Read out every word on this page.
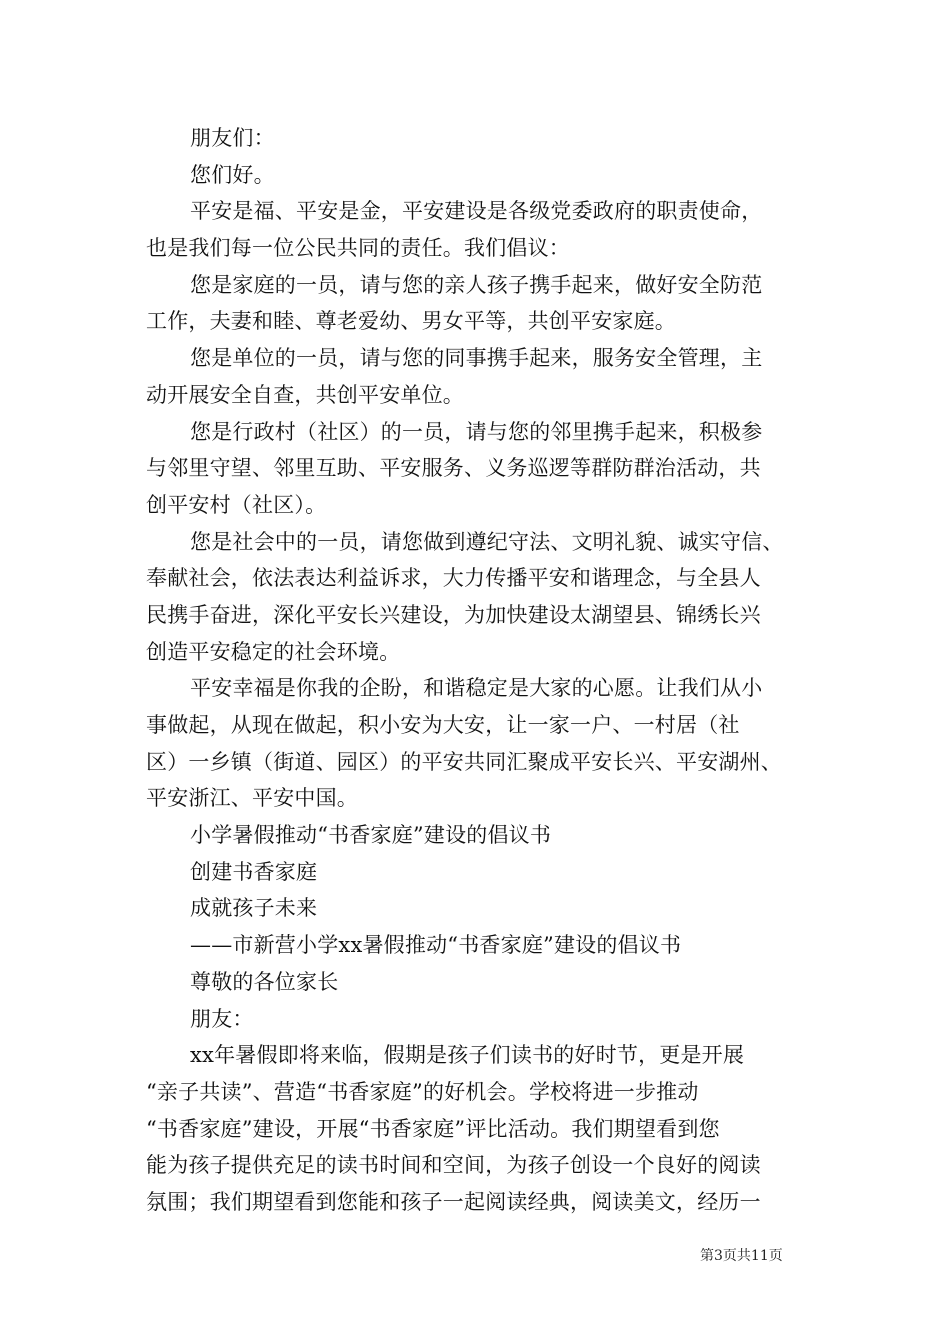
朋友们：
您们好。
平安是福、平安是金，平安建设是各级党委政府的职责使命，
也是我们每一位公民共同的责任。我们倡议：
您是家庭的一员，请与您的亲人孩子携手起来，做好安全防范
工作，夫妻和睦、尊老爱幼、男女平等，共创平安家庭。
您是单位的一员，请与您的同事携手起来，服务安全管理，主
动开展安全自查，共创平安单位。
您是行政村（社区）的一员，请与您的邻里携手起来，积极参
与邻里守望、邻里互助、平安服务、义务巡逻等群防群治活动，共
创平安村（社区）。
您是社会中的一员，请您做到遵纪守法、文明礼貌、诚实守信、
奉献社会，依法表达利益诉求，大力传播平安和谐理念，与全县人
民携手奋进，深化平安长兴建设，为加快建设太湖望县、锦绣长兴
创造平安稳定的社会环境。
平安幸福是你我的企盼，和谐稳定是大家的心愿。让我们从小
事做起，从现在做起，积小安为大安，让一家一户、一村居（社
区）一乡镇（街道、园区）的平安共同汇聚成平安长兴、平安湖州、
平安浙江、平安中国。
小学暑假推动“书香家庭”建设的倡议书
创建书香家庭
成就孩子未来
——市新营小学xx暑假推动“书香家庭”建设的倡议书
尊敬的各位家长
朋友：
xx年暑假即将来临，假期是孩子们读书的好时节，更是开展
“亲子共读”、营造“书香家庭”的好机会。学校将进一步推动
“书香家庭”建设，开展“书香家庭”评比活动。我们期望看到您
能为孩子提供充足的读书时间和空间，为孩子创设一个良好的阅读
氛围；我们期望看到您能和孩子一起阅读经典，阅读美文，经历一
第3页共11页
